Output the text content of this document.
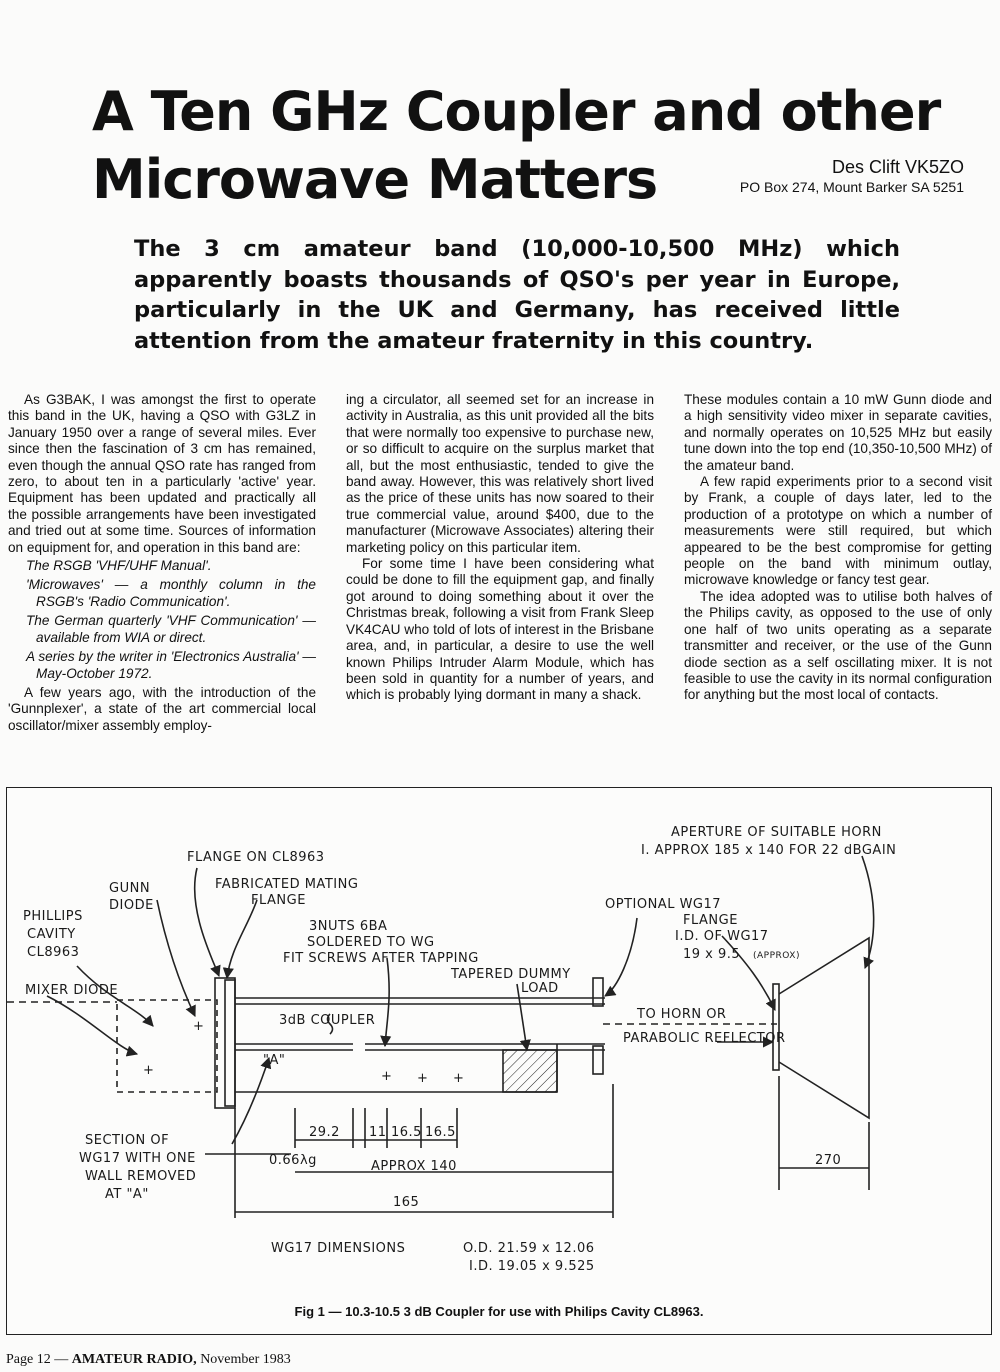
A Ten GHz Coupler and other
Microwave Matters	Des Clift VK5ZO
PO Box 274, Mount Barker SA 5251

The 3 cm amateur band (10,000-10,500 MHz) which apparently boasts thousands of QSO's per year in Europe, particularly in the UK and Germany, has received little attention from the amateur fraternity in this country.

As G3BAK, I was amongst the first to operate this band in the UK, having a QSO with G3LZ in January 1950 over a range of several miles. Ever since then the fascination of 3 cm has remained, even though the annual QSO rate has ranged from zero, to about ten in a particularly 'active' year. Equipment has been updated and practically all the possible arrangements have been investigated and tried out at some time. Sources of information on equipment for, and operation in this band are:

The RSGB 'VHF/UHF Manual'.
'Microwaves' — a monthly column in the RSGB's 'Radio Communication'.
The German quarterly 'VHF Communication' — available from WIA or direct.
A series by the writer in 'Electronics Australia' — May-October 1972.

A few years ago, with the introduction of the 'Gunnplexer', a state of the art commercial local oscillator/mixer assembly employ-

ing a circulator, all seemed set for an increase in activity in Australia, as this unit provided all the bits that were normally too expensive to purchase new, or so difficult to acquire on the surplus market that all, but the most enthusiastic, tended to give the band away. However, this was relatively short lived as the price of these units has now soared to their true commercial value, around $400, due to the manufacturer (Microwave Associates) altering their marketing policy on this particular item.

For some time I have been considering what could be done to fill the equipment gap, and finally got around to doing something about it over the Christmas break, following a visit from Frank Sleep VK4CAU who told of lots of interest in the Brisbane area, and, in particular, a desire to use the well known Philips Intruder Alarm Module, which has been sold in quantity for a number of years, and which is probably lying dormant in many a shack.

These modules contain a 10 mW Gunn diode and a high sensitivity video mixer in separate cavities, and normally operates on 10,525 MHz but easily tune down into the top end (10,350-10,500 MHz) of the amateur band.

A few rapid experiments prior to a second visit by Frank, a couple of days later, led to the production of a prototype on which a number of measurements were still required, but which appeared to be the best compromise for getting people on the band with minimum outlay, microwave knowledge or fancy test gear.

The idea adopted was to utilise both halves of the Philips cavity, as opposed to the use of only one half of two units operating as a separate transmitter and receiver, or the use of the Gunn diode section as a self oscillating mixer. It is not feasible to use the cavity in its normal configuration for anything but the most local of contacts.

FLANGE ON CL8963
GUNN
DIODE
FABRICATED MATING
FLANGE
PHILLIPS
CAVITY
CL8963
MIXER DIODE
3NUTS 6BA
SOLDERED TO WG
FIT SCREWS AFTER TAPPING
TAPERED DUMMY
LOAD
OPTIONAL WG17
FLANGE
I.D. OF WG17
19 x 9.5 (APPROX)
APERTURE OF SUITABLE HORN
I. APPROX 185 x 140 FOR 22 dBGAIN
3dB COUPLER	TO HORN OR
PARABOLIC REFLECTOR
"A"
SECTION OF
WG17 WITH ONE
WALL REMOVED
AT "A"
0.66λg
29.2 11 16.5 16.5
APPROX 140
165
270
WG17 DIMENSIONS	O.D. 21.59 x 12.06
I.D. 19.05 x 9.525
+
+	+ + +
Fig 1 — 10.3-10.5 3 dB Coupler for use with Philips Cavity CL8963.
Page 12 — AMATEUR RADIO, November 1983
